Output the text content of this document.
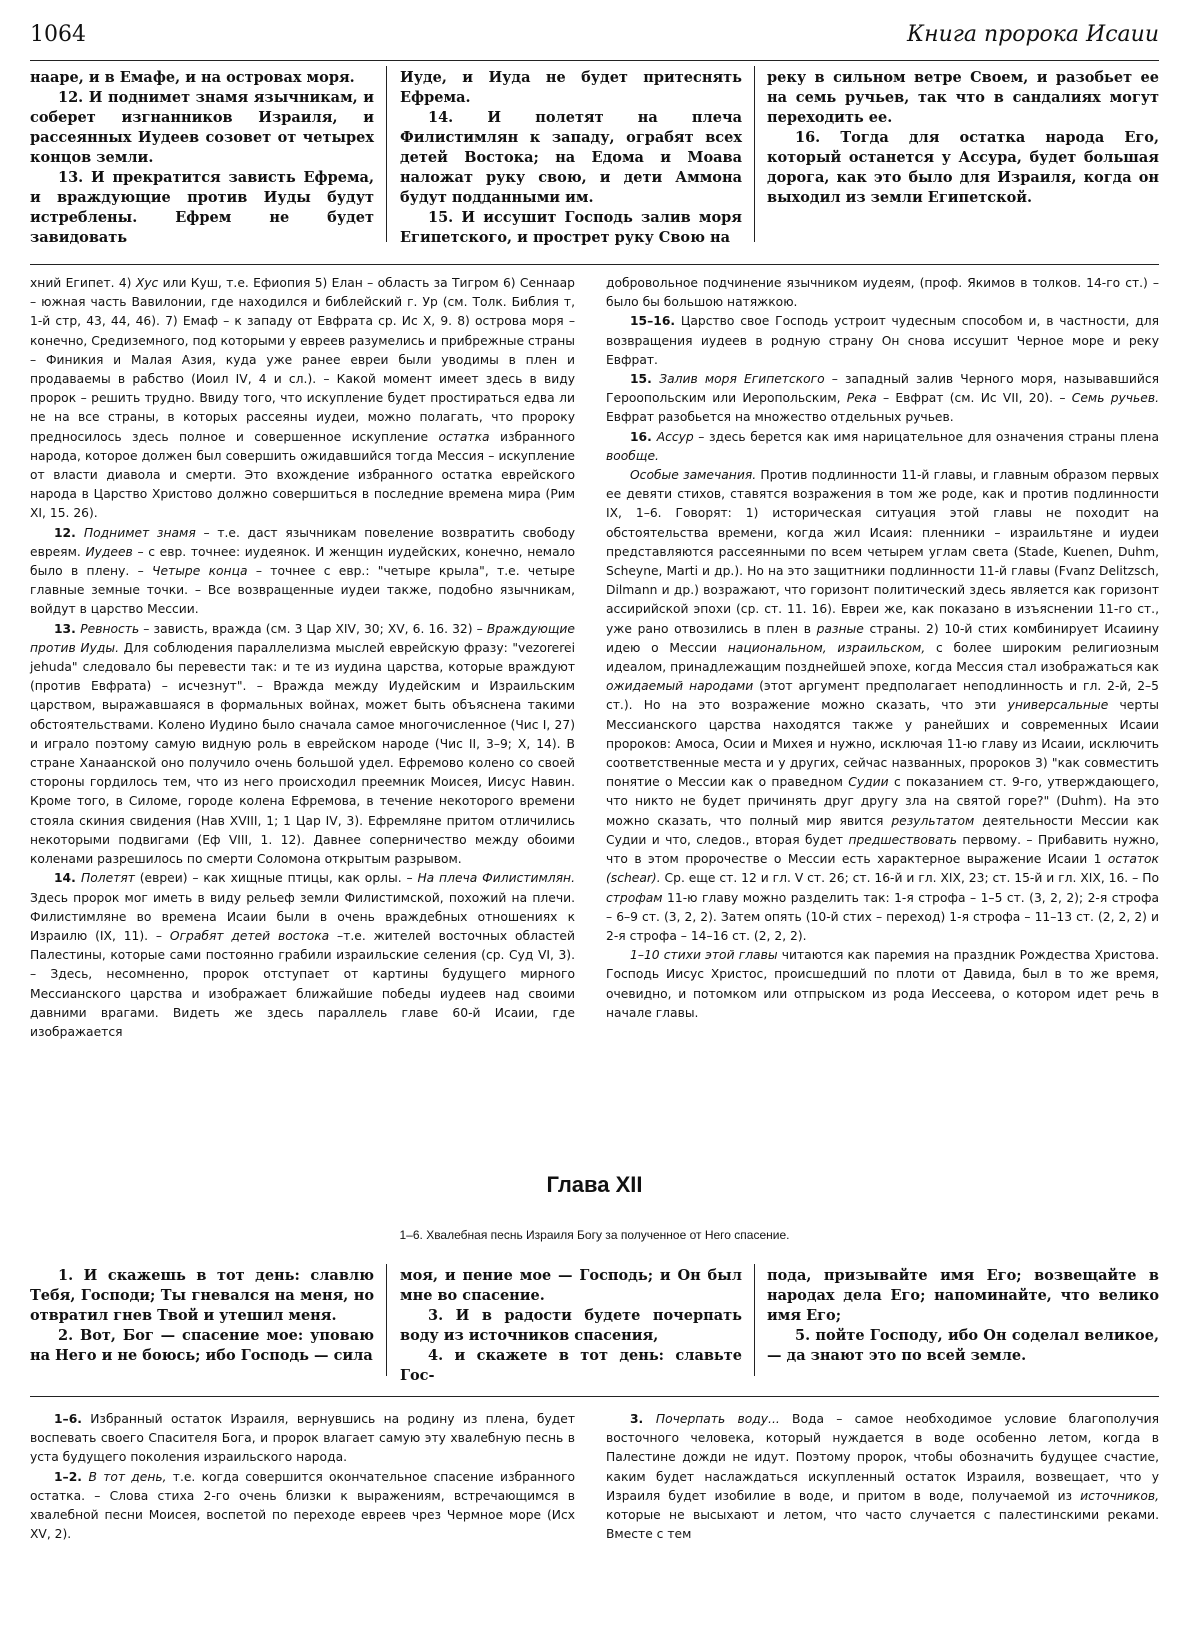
1064	Книга пророка Исаии

нааре, и в Емафе, и на островах моря.

12. И поднимет знамя язычникам, и соберет изгнанников Израиля, и рассеянных Иудеев созовет от четырех концов земли.

13. И прекратится зависть Ефрема, и враждующие против Иуды будут истреблены. Ефрем не будет завидовать

Иуде, и Иуда не будет притеснять Ефрема.

14. И полетят на плеча Филистимлян к западу, ограбят всех детей Востока; на Едома и Моава наложат руку свою, и дети Аммона будут подданными им.

15. И иссушит Господь залив моря Египетского, и прострет руку Свою на

реку в сильном ветре Своем, и разобьет ее на семь ручьев, так что в сандалиях могут переходить ее.

16. Тогда для остатка народа Его, который останется у Ассура, будет большая дорога, как это было для Израиля, когда он выходил из земли Египетской.

хний Египет. 4) Хус или Куш, т.е. Ефиопия 5) Елан – область за Тигром 6) Сеннаар – южная часть Вавилонии, где находился и библейский г. Ур (см. Толк. Библия т, 1-й стр, 43, 44, 46). 7) Емаф – к западу от Евфрата ср. Ис X, 9. 8) острова моря – конечно, Средиземного, под которыми у евреев разумелись и прибрежные страны – Финикия и Малая Азия, куда уже ранее евреи были уводимы в плен и продаваемы в рабство (Иоил IV, 4 и сл.). – Какой момент имеет здесь в виду пророк – решить трудно. Ввиду того, что искупление будет простираться едва ли не на все страны, в которых рассеяны иудеи, можно полагать, что пророку предносилось здесь полное и совершенное искупление остатка избранного народа, которое должен был совершить ожидавшийся тогда Мессия – искупление от власти диавола и смерти. Это вхождение избранного остатка еврейского народа в Царство Христово должно совершиться в последние времена мира (Рим XI, 15. 26).

12. Поднимет знамя – т.е. даст язычникам повеление возвратить свободу евреям. Иудеев – с евр. точнее: иудеянок. И женщин иудейских, конечно, немало было в плену. – Четыре конца – точнее с евр.: "четыре крыла", т.е. четыре главные земные точки. – Все возвращенные иудеи также, подобно язычникам, войдут в царство Мессии.

13. Ревность – зависть, вражда (см. 3 Цар XIV, 30; XV, 6. 16. 32) – Враждующие против Иуды. Для соблюдения параллелизма мыслей еврейскую фразу: "vezorerei jehuda" следовало бы перевести так: и те из иудина царства, которые враждуют (против Евфрата) – исчезнут". – Вражда между Иудейским и Израильским царством, выражавшаяся в формальных войнах, может быть объяснена такими обстоятельствами. Колено Иудино было сначала самое многочисленное (Чис I, 27) и играло поэтому самую видную роль в еврейском народе (Чис II, 3–9; X, 14). В стране Ханаанской оно получило очень большой удел. Ефремово колено со своей стороны гордилось тем, что из него происходил преемник Моисея, Иисус Навин. Кроме того, в Силоме, городе колена Ефремова, в течение некоторого времени стояла скиния свидения (Нав XVIII, 1; 1 Цар IV, 3). Ефремляне притом отличились некоторыми подвигами (Еф VIII, 1. 12). Давнее соперничество между обоими коленами разрешилось по смерти Соломона открытым разрывом.

14. Полетят (евреи) – как хищные птицы, как орлы. – На плеча Филистимлян. Здесь пророк мог иметь в виду рельеф земли Филистимской, похожий на плечи. Филистимляне во времена Исаии были в очень враждебных отношениях к Израилю (IX, 11). – Ограбят детей востока –т.е. жителей восточных областей Палестины, которые сами постоянно грабили израильские селения (ср. Суд VI, 3). – Здесь, несомненно, пророк отступает от картины будущего мирного Мессианского царства и изображает ближайшие победы иудеев над своими давними врагами. Видеть же здесь параллель главе 60-й Исаии, где изображается

добровольное подчинение язычником иудеям, (проф. Якимов в толков. 14-го ст.) – было бы большою натяжкою.

15–16. Царство свое Господь устроит чудесным способом и, в частности, для возвращения иудеев в родную страну Он снова иссушит Черное море и реку Евфрат.

15. Залив моря Египетского – западный залив Черного моря, называвшийся Героопольским или Иеропольским, Река – Евфрат (см. Ис VII, 20). – Семь ручьев. Евфрат разобьется на множество отдельных ручьев.

16. Ассур – здесь берется как имя нарицательное для означения страны плена вообще.

Особые замечания. Против подлинности 11-й главы, и главным образом первых ее девяти стихов, ставятся возражения в том же роде, как и против подлинности IX, 1–6. Говорят: 1) историческая ситуация этой главы не походит на обстоятельства времени, когда жил Исаия: пленники – израильтяне и иудеи представляются рассеянными по всем четырем углам света (Stade, Kuenen, Duhm, Scheyne, Marti и др.). Но на это защитники подлинности 11-й главы (Fvanz Delitzsch, Dilmann и др.) возражают, что горизонт политический здесь является как горизонт ассирийской эпохи (ср. ст. 11. 16). Евреи же, как показано в изъяснении 11-го ст., уже рано отвозились в плен в разные страны. 2) 10-й стих комбинирует Исаиину идею о Мессии национальном, израильском, с более широким религиозным идеалом, принадлежащим позднейшей эпохе, когда Мессия стал изображаться как ожидаемый народами (этот аргумент предполагает неподлинность и гл. 2-й, 2–5 ст.). Но на это возражение можно сказать, что эти универсальные черты Мессианского царства находятся также у ранейших и современных Исаии пророков: Амоса, Осии и Михея и нужно, исключая 11-ю главу из Исаии, исключить соответственные места и у других, сейчас названных, пророков 3) "как совместить понятие о Мессии как о праведном Судии с показанием ст. 9-го, утверждающего, что никто не будет причинять друг другу зла на святой горе?" (Duhm). На это можно сказать, что полный мир явится результатом деятельности Мессии как Судии и что, следов., вторая будет предшествовать первому. – Прибавить нужно, что в этом пророчестве о Мессии есть характерное выражение Исаии 1 остаток (schear). Ср. еще ст. 12 и гл. V ст. 26; ст. 16-й и гл. XIX, 23; ст. 15-й и гл. XIX, 16. – По строфам 11-ю главу можно разделить так: 1-я строфа – 1–5 ст. (3, 2, 2); 2-я строфа – 6–9 ст. (3, 2, 2). Затем опять (10-й стих – переход) 1-я строфа – 11–13 ст. (2, 2, 2) и 2-я строфа – 14–16 ст. (2, 2, 2).

1–10 стихи этой главы читаются как паремия на праздник Рождества Христова. Господь Иисус Христос, происшедший по плоти от Давида, был в то же время, очевидно, и потомком или отпрыском из рода Иессеева, о котором идет речь в начале главы.

Глава XII
1–6. Хвалебная песнь Израиля Богу за полученное от Него спасение.

1. И скажешь в тот день: славлю Тебя, Господи; Ты гневался на меня, но отвратил гнев Твой и утешил меня.

2. Вот, Бог — спасение мое: уповаю на Него и не боюсь; ибо Господь — сила

моя, и пение мое — Господь; и Он был мне во спасение.

3. И в радости будете почерпать воду из источников спасения,

4. и скажете в тот день: славьте Гос-

пода, призывайте имя Его; возвещайте в народах дела Его; напоминайте, что велико имя Его;

5. пойте Господу, ибо Он соделал великое, — да знают это по всей земле.

1–6. Избранный остаток Израиля, вернувшись на родину из плена, будет воспевать своего Спасителя Бога, и пророк влагает самую эту хвалебную песнь в уста будущего поколения израильского народа.

1–2. В тот день, т.е. когда совершится окончательное спасение избранного остатка. – Слова стиха 2-го очень близки к выражениям, встречающимся в хвалебной песни Моисея, воспетой по переходе евреев чрез Чермное море (Исх XV, 2).

3. Почерпать воду... Вода – самое необходимое условие благополучия восточного человека, который нуждается в воде особенно летом, когда в Палестине дожди не идут. Поэтому пророк, чтобы обозначить будущее счастие, каким будет наслаждаться искупленный остаток Израиля, возвещает, что у Израиля будет изобилие в воде, и притом в воде, получаемой из источников, которые не высыхают и летом, что часто случается с палестинскими реками. Вместе с тем
